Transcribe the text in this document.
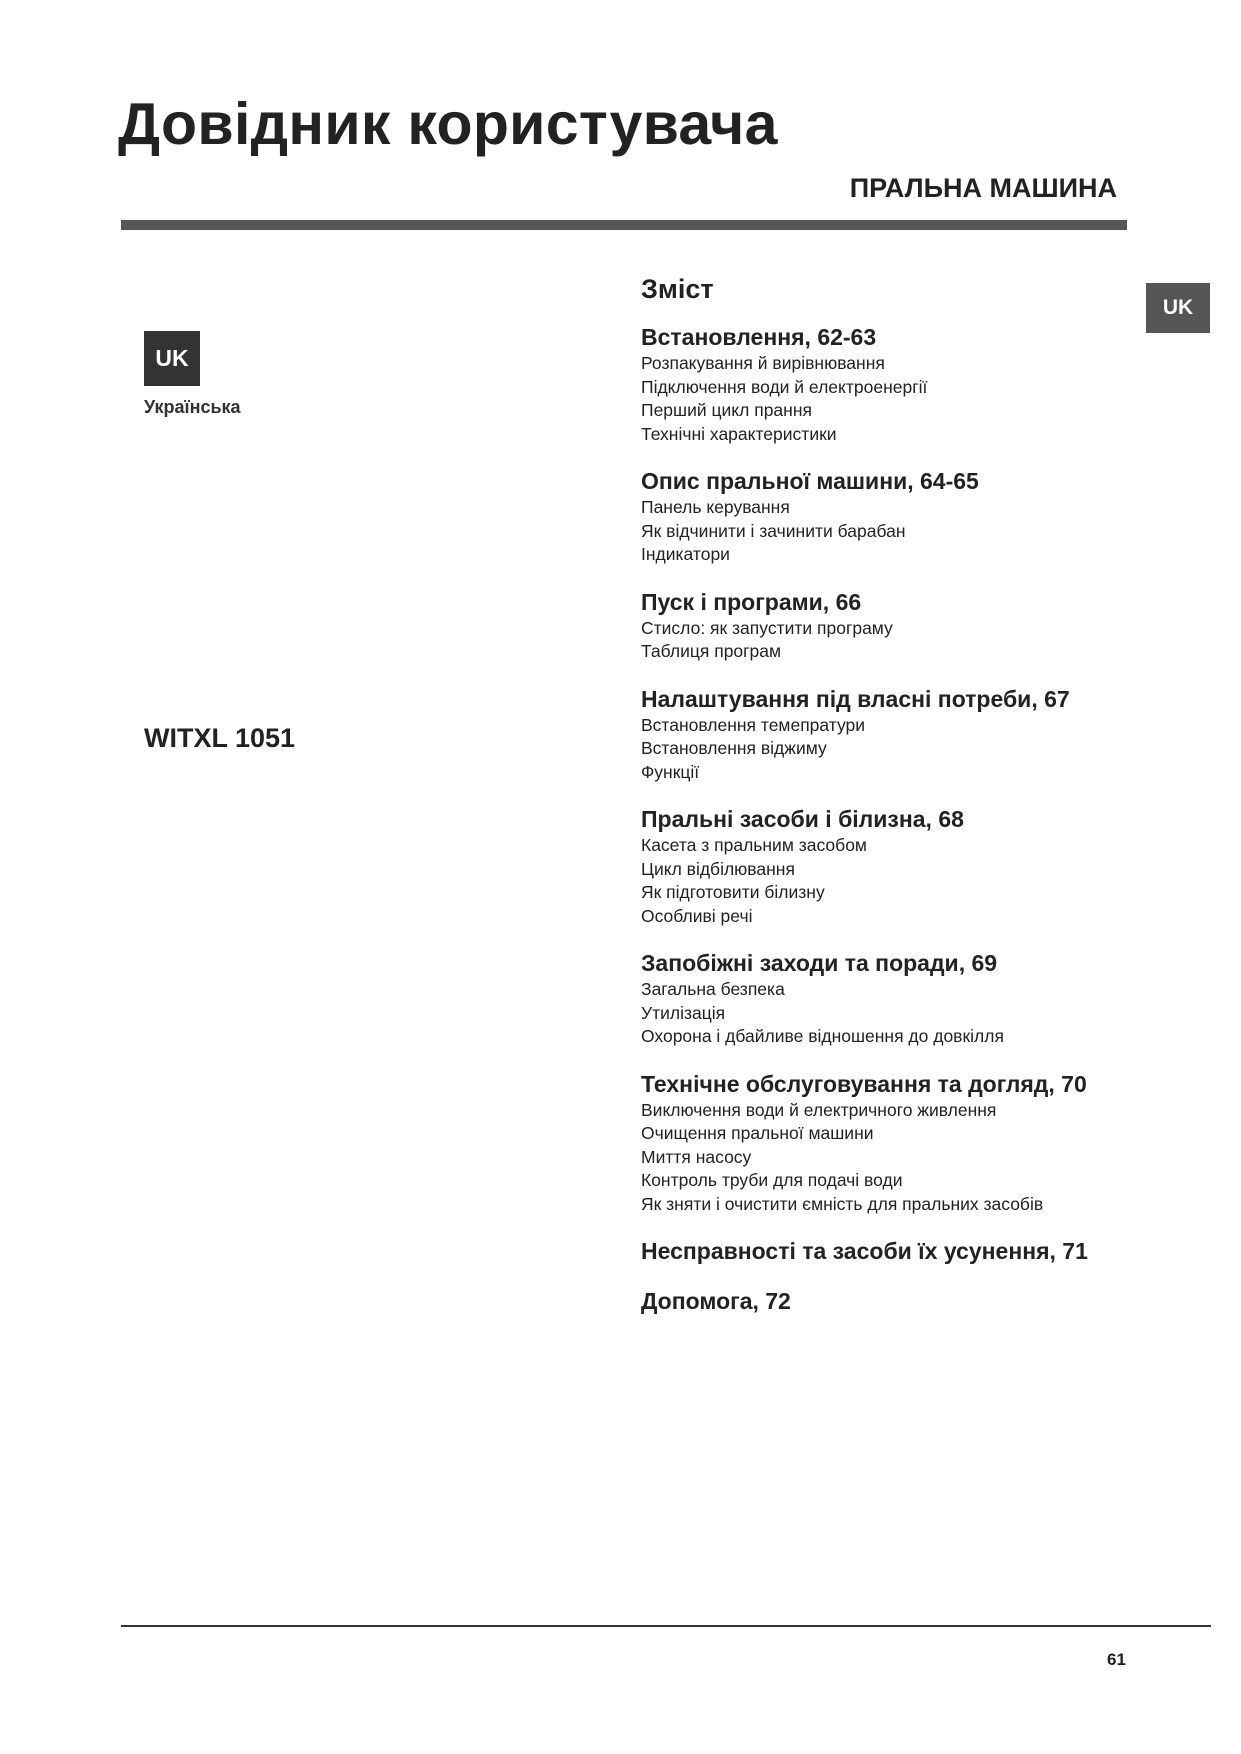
Довідник користувача
ПРАЛЬНА МАШИНА
UK
UK
Українська
WITXL 1051
Зміст
Встановлення, 62-63
Розпакування й вирівнювання
Підключення води й електроенергії
Перший цикл прання
Технічні характеристики
Опис пральної машини, 64-65
Панель керування
Як відчинити і зачинити барабан
Індикатори
Пуск і програми, 66
Стисло: як запустити програму
Таблиця програм
Налаштування під власні потреби, 67
Встановлення темепратури
Встановлення віджиму
Функції
Пральні засоби і білизна, 68
Касета з пральним засобом
Цикл відбілювання
Як підготовити білизну
Особливі речі
Запобіжні заходи та поради, 69
Загальна безпека
Утилізація
Охорона і дбайливе відношення до довкілля
Технічне обслуговування та догляд, 70
Виключення води й електричного живлення
Очищення пральної машини
Миття насосу
Контроль труби для подачі води
Як зняти і очистити ємність для пральних засобів
Несправності та засоби їх усунення, 71
Допомога, 72
61
